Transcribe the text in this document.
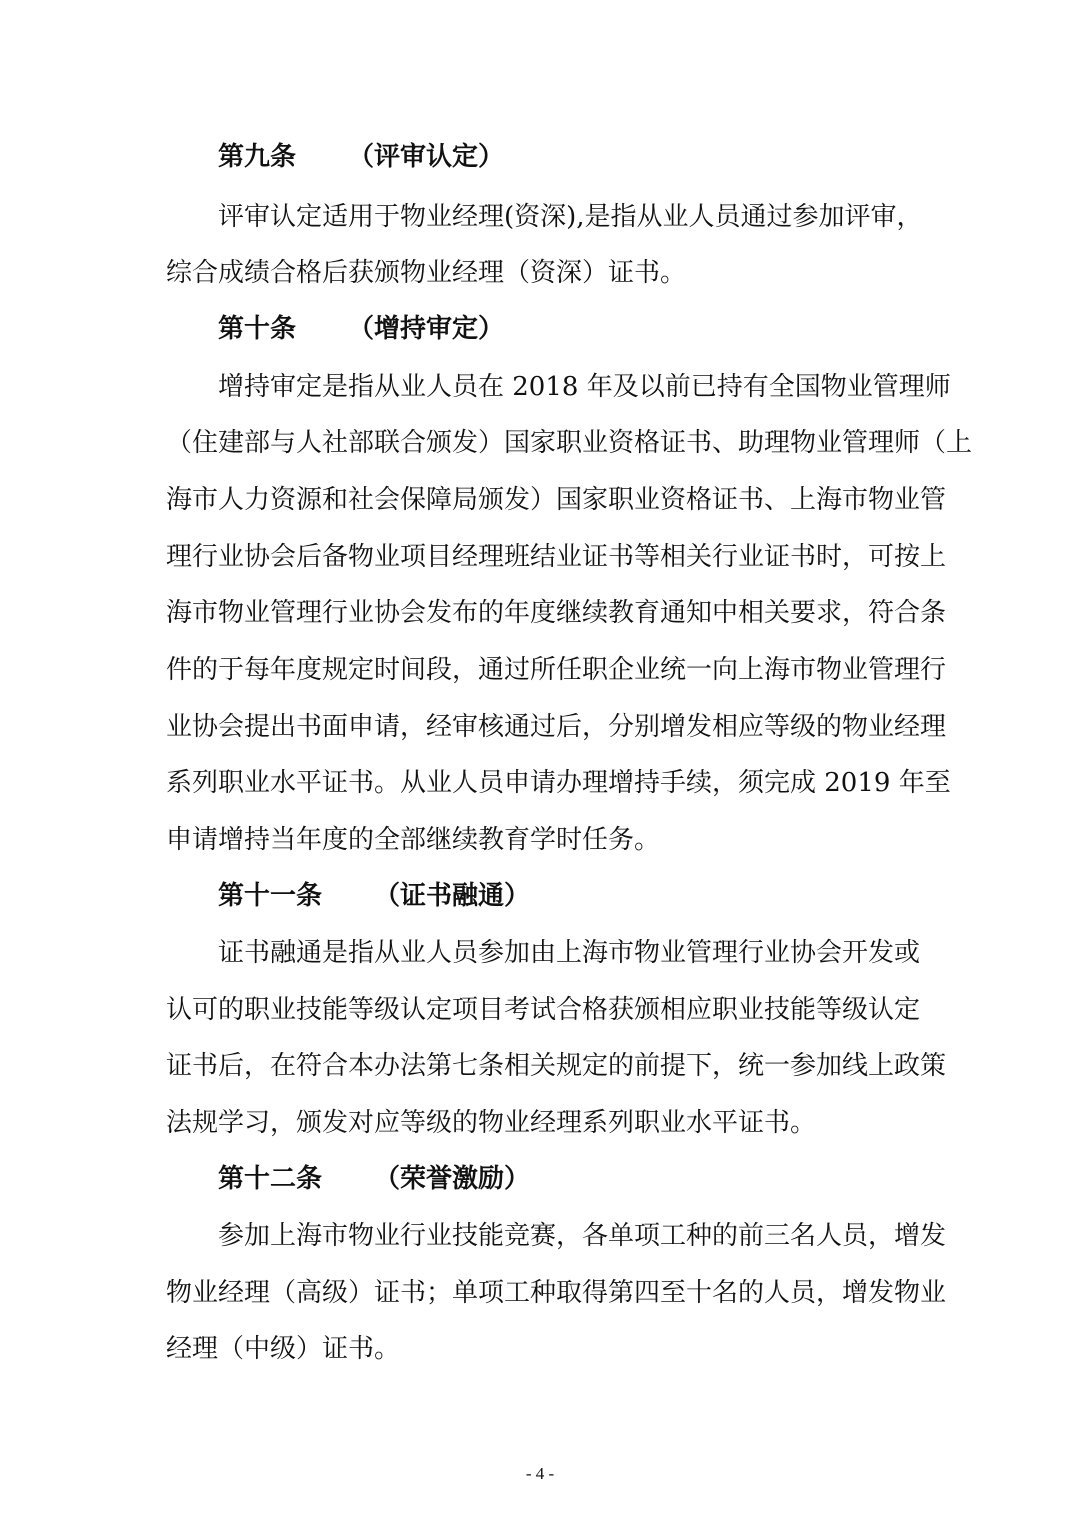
第九条 （评审认定）
评审认定适用于物业经理(资深),是指从业人员通过参加评审，
综合成绩合格后获颁物业经理（资深）证书。
第十条 （增持审定）
增持审定是指从业人员在 2018 年及以前已持有全国物业管理师
（住建部与人社部联合颁发）国家职业资格证书、助理物业管理师（上
海市人力资源和社会保障局颁发）国家职业资格证书、上海市物业管
理行业协会后备物业项目经理班结业证书等相关行业证书时，可按上
海市物业管理行业协会发布的年度继续教育通知中相关要求，符合条
件的于每年度规定时间段，通过所任职企业统一向上海市物业管理行
业协会提出书面申请，经审核通过后，分别增发相应等级的物业经理
系列职业水平证书。从业人员申请办理增持手续，须完成 2019 年至
申请增持当年度的全部继续教育学时任务。
第十一条 （证书融通）
证书融通是指从业人员参加由上海市物业管理行业协会开发或
认可的职业技能等级认定项目考试合格获颁相应职业技能等级认定
证书后，在符合本办法第七条相关规定的前提下，统一参加线上政策
法规学习，颁发对应等级的物业经理系列职业水平证书。
第十二条 （荣誉激励）
参加上海市物业行业技能竞赛，各单项工种的前三名人员，增发
物业经理（高级）证书；单项工种取得第四至十名的人员，增发物业
经理（中级）证书。
- 4 -
